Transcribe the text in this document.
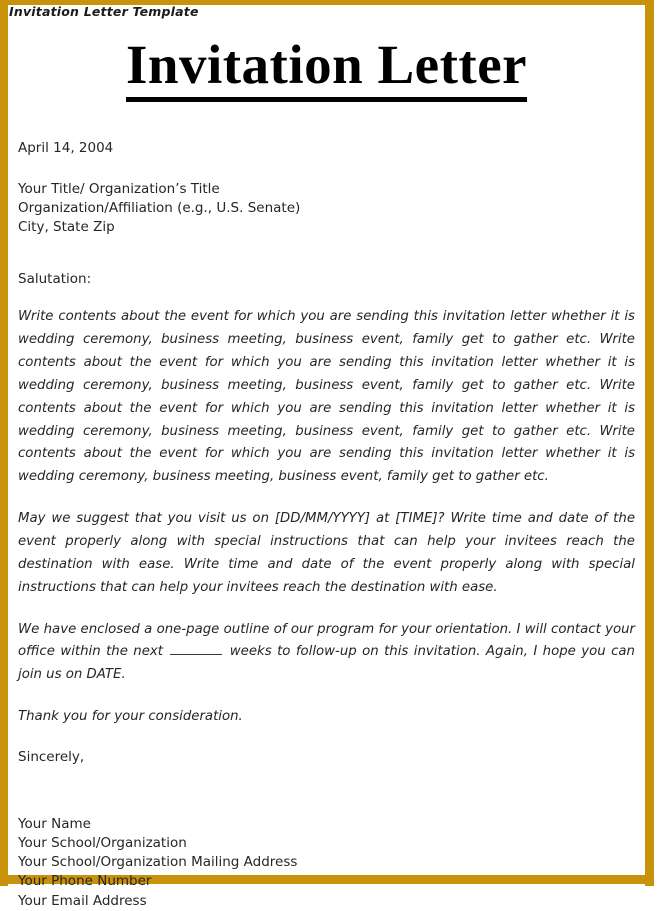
Invitation Letter Template
Invitation Letter
April 14, 2004
Your Title/ Organization’s Title
Organization/Affiliation (e.g., U.S. Senate)
City, State Zip
Salutation:
Write contents about the event for which you are sending this invitation letter whether it is wedding ceremony, business meeting, business event, family get to gather etc. Write contents about the event for which you are sending this invitation letter whether it is wedding ceremony, business meeting, business event, family get to gather etc. Write contents about the event for which you are sending this invitation letter whether it is wedding ceremony, business meeting, business event, family get to gather etc. Write contents about the event for which you are sending this invitation letter whether it is wedding ceremony, business meeting, business event, family get to gather etc.
May we suggest that you visit us on [DD/MM/YYYY] at [TIME]? Write time and date of the event properly along with special instructions that can help your invitees reach the destination with ease. Write time and date of the event properly along with special instructions that can help your invitees reach the destination with ease.
We have enclosed a one-page outline of our program for your orientation. I will contact your office within the next	weeks to follow-up on this invitation. Again, I hope you can join us on DATE.
Thank you for your consideration.
Sincerely,
Your Name
Your School/Organization
Your School/Organization Mailing Address
Your Phone Number
Your Email Address
